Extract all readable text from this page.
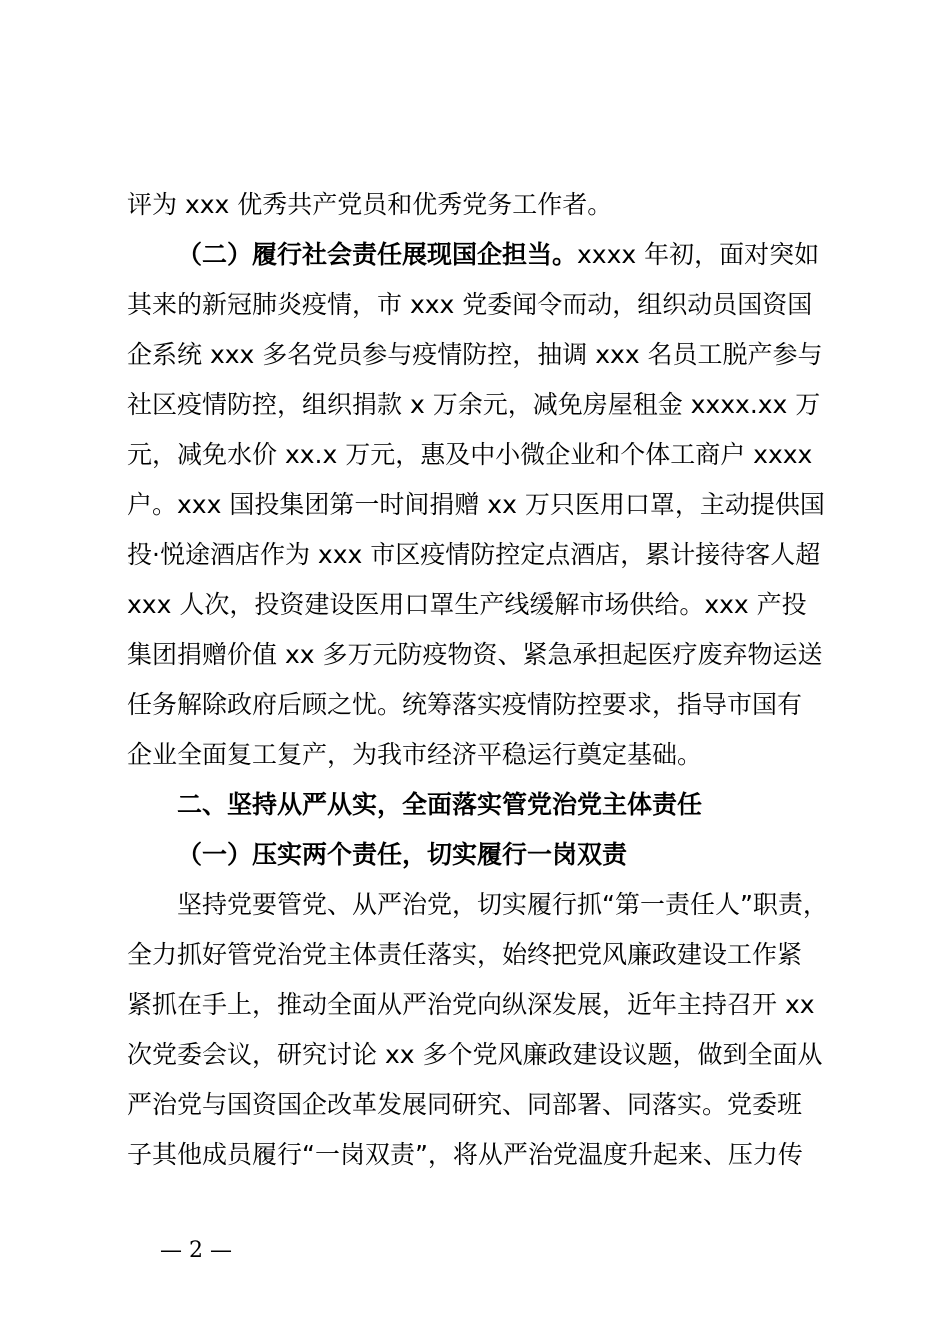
评为 xxx 优秀共产党员和优秀党务工作者。
（二）履行社会责任展现国企担当。xxxx 年初，面对突如
其来的新冠肺炎疫情，市 xxx 党委闻令而动，组织动员国资国
企系统 xxx 多名党员参与疫情防控，抽调 xxx 名员工脱产参与
社区疫情防控，组织捐款 x 万余元，减免房屋租金 xxxx.xx 万
元，减免水价 xx.x 万元，惠及中小微企业和个体工商户 xxxx
户。xxx 国投集团第一时间捐赠 xx 万只医用口罩，主动提供国
投·悦途酒店作为 xxx 市区疫情防控定点酒店，累计接待客人超
xxx 人次，投资建设医用口罩生产线缓解市场供给。xxx 产投
集团捐赠价值 xx 多万元防疫物资、紧急承担起医疗废弃物运送
任务解除政府后顾之忧。统筹落实疫情防控要求，指导市国有
企业全面复工复产，为我市经济平稳运行奠定基础。
二、坚持从严从实，全面落实管党治党主体责任
（一）压实两个责任，切实履行一岗双责
坚持党要管党、从严治党，切实履行抓“第一责任人”职责，
全力抓好管党治党主体责任落实，始终把党风廉政建设工作紧
紧抓在手上，推动全面从严治党向纵深发展，近年主持召开 xx
次党委会议，研究讨论 xx 多个党风廉政建设议题，做到全面从
严治党与国资国企改革发展同研究、同部署、同落实。党委班
子其他成员履行“一岗双责”，将从严治党温度升起来、压力传
— 2 —
